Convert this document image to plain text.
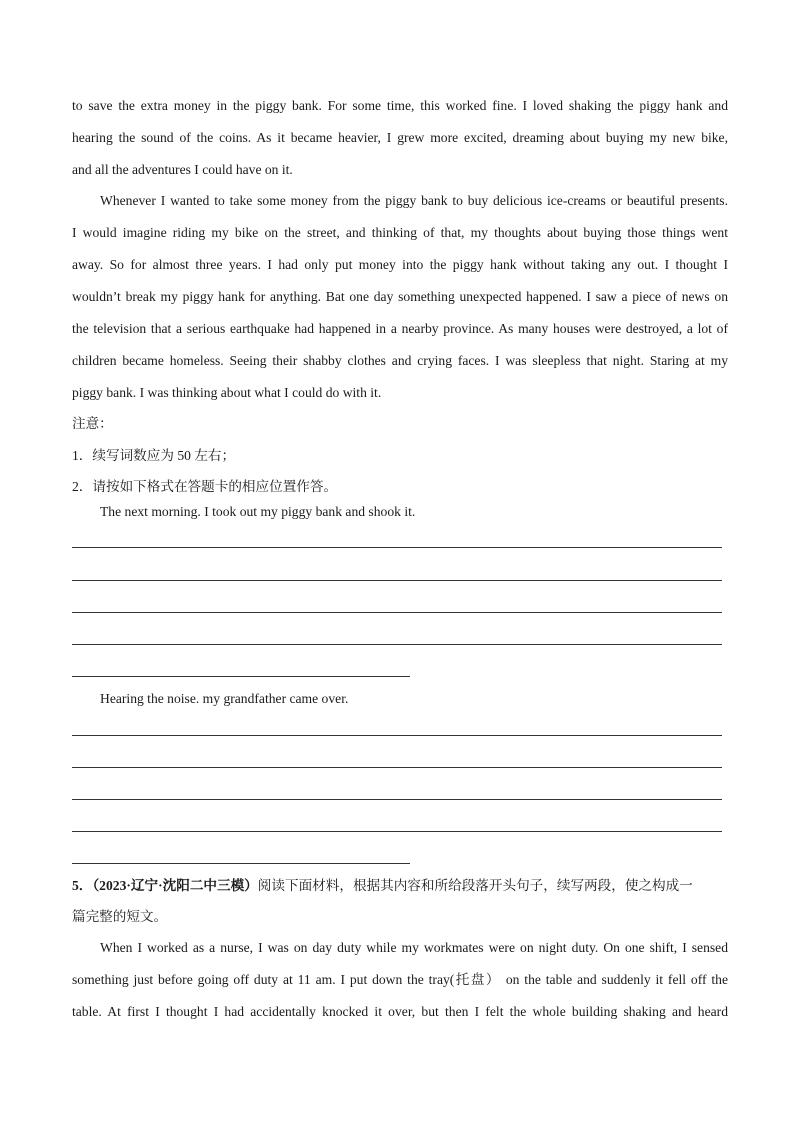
to save the extra money in the piggy bank. For some time, this worked fine. I loved shaking the piggy hank and
hearing the sound of the coins. As it became heavier, I grew more excited, dreaming about buying my new bike,
and all the adventures I could have on it.
Whenever I wanted to take some money from the piggy bank to buy delicious ice-creams or beautiful presents.
I would imagine riding my bike on the street, and thinking of that, my thoughts about buying those things went
away. So for almost three years. I had only put money into the piggy hank without taking any out. I thought I
wouldn’t break my piggy hank for anything. Bat one day something unexpected happened. I saw a piece of news on
the television that a serious earthquake had happened in a nearby province. As many houses were destroyed, a lot of
children became homeless. Seeing their shabby clothes and crying faces. I was sleepless that night. Staring at my
piggy bank. I was thinking about what I could do with it.
注意：
1．续写词数应为 50 左右；
2．请按如下格式在答题卡的相应位置作答。
The next morning. I took out my piggy bank and shook it.
Hearing the noise. my grandfather came over.
5．（2023·辽宁·沈阳二中三模）阅读下面材料，根据其内容和所给段落开头句子，续写两段，使之构成一
篇完整的短文。
When I worked as a nurse, I was on day duty while my workmates were on night duty. On one shift, I sensed
something just before going off duty at 11 am. I put down the tray(托盘） on the table and suddenly it fell off the
table. At first I thought I had accidentally knocked it over, but then I felt the whole building shaking and heard
